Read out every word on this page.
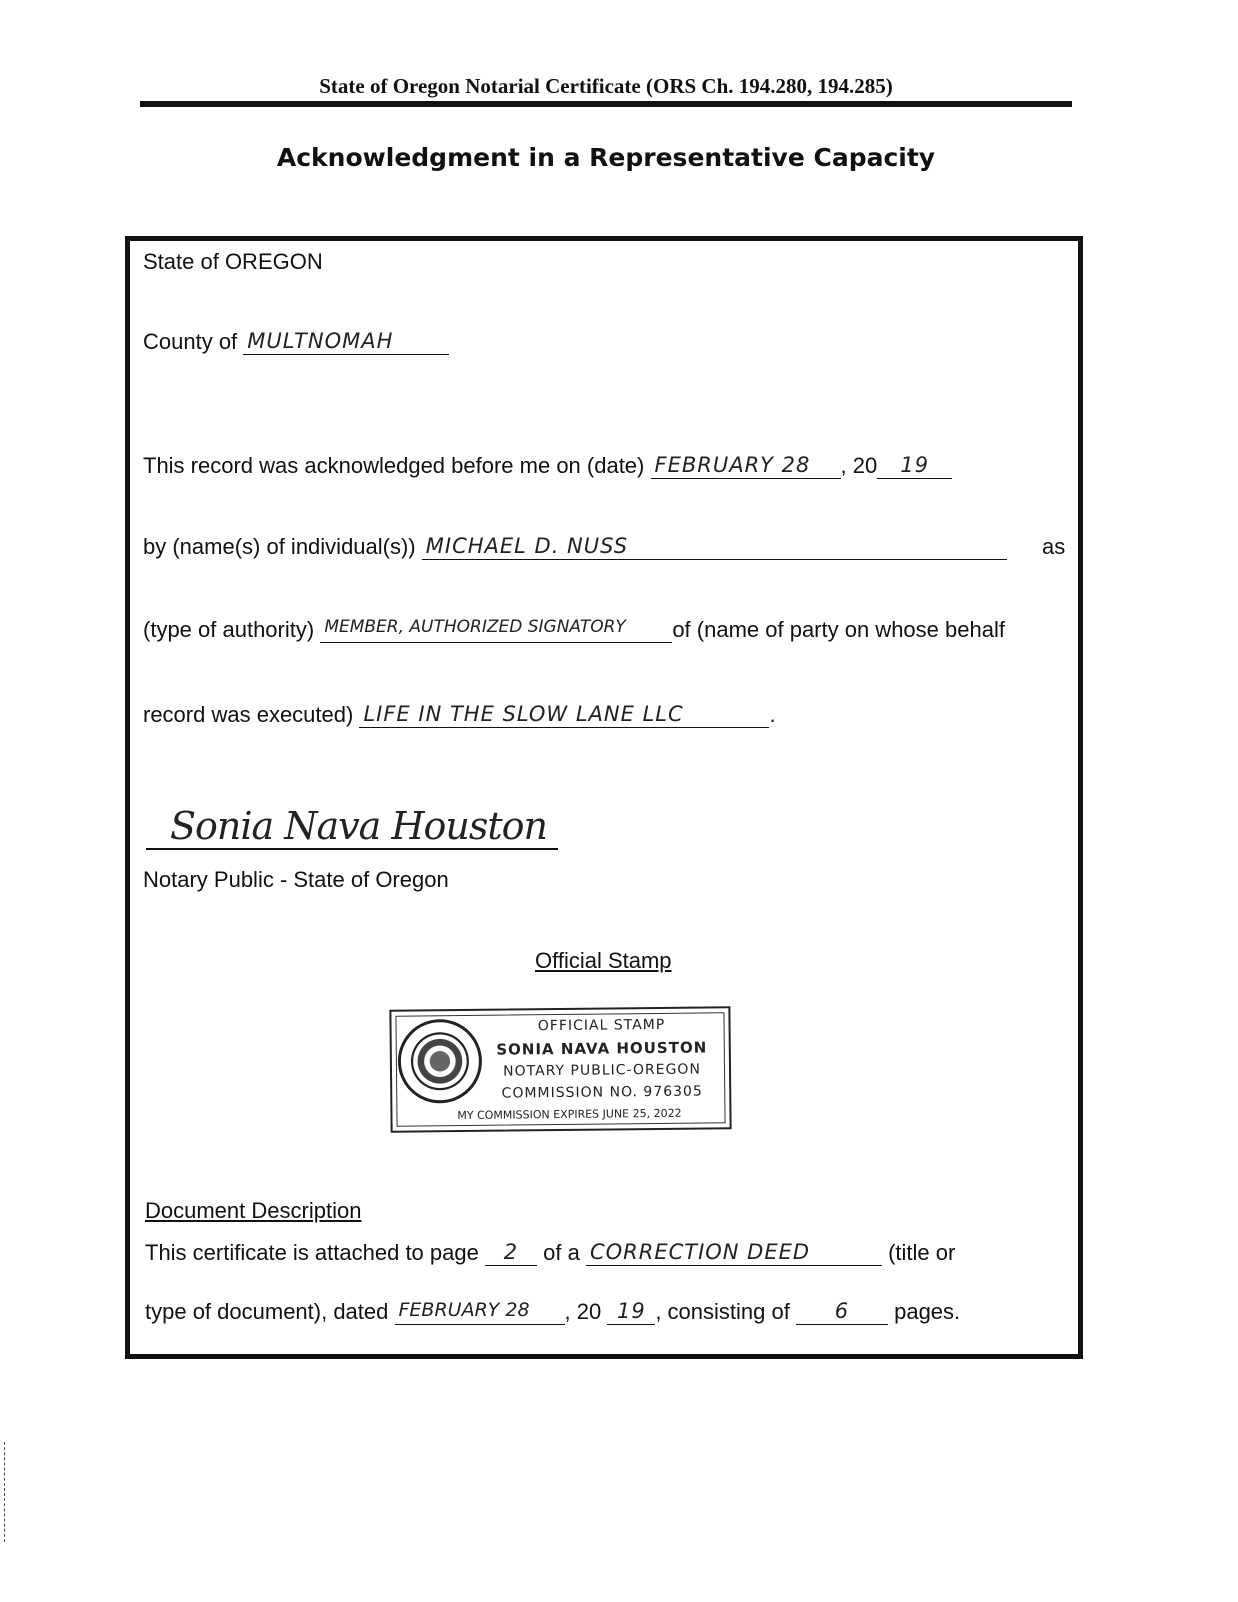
State of Oregon Notarial Certificate (ORS Ch. 194.280, 194.285)
Acknowledgment in a Representative Capacity
State of OREGON
County of MULTNOMAH
This record was acknowledged before me on (date) FEBRUARY 28 , 20 19
by (name(s) of individual(s)) MICHAEL D. NUSS	as
(type of authority) MEMBER, AUTHORIZED SIGNATORY of (name of party on whose behalf
record was executed) LIFE IN THE SLOW LANE LLC	.
Sonia Nava Houston
Notary Public - State of Oregon
Official Stamp
OFFICIAL STAMP
SONIA NAVA HOUSTON
NOTARY PUBLIC-OREGON
COMMISSION NO. 976305
MY COMMISSION EXPIRES JUNE 25, 2022
Document Description
This certificate is attached to page 2 of a CORRECTION DEED	(title or
type of document), dated FEBRUARY 28 , 20 19 , consisting of 6 pages.
